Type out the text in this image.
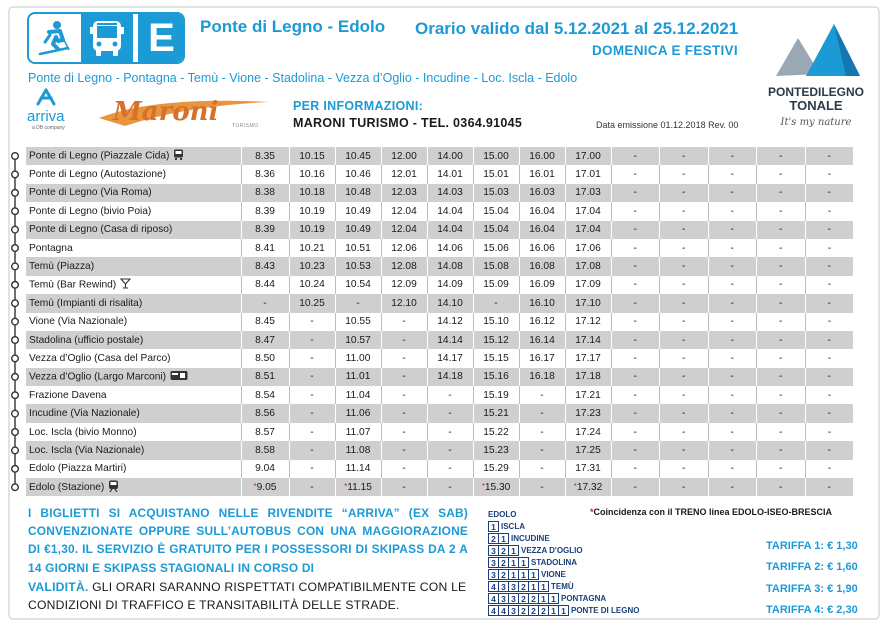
E	Ponte di Legno - Edolo Orario valido dal 5.12.2021 al 25.12.2021
DOMENICA E FESTIVI
Ponte di Legno - Pontagna - Temù - Vione - Stadolina - Vezza d’Oglio - Incudine - Loc. Iscla - Edolo
PONTEDILEGNO
TONALE
It's my nature
arriva
a DB company
Maroni	TURISMO
PER INFORMAZIONI:
MARONI TURISMO - TEL. 0364.91045	Data emissione 01.12.2018 Rev. 00
Ponte di Legno (Piazzale Cida)	8.35	10.15	10.45	12.00	14.00	15.00	16.00	17.00	-	-	-	-	-
Ponte di Legno (Autostazione)	8.36	10.16	10.46	12.01	14.01	15.01	16.01	17.01	-	-	-	-	-
Ponte di Legno (Via Roma)	8.38	10.18	10.48	12.03	14.03	15.03	16.03	17.03	-	-	-	-	-
Ponte di Legno (bivio Poia)	8.39	10.19	10.49	12.04	14.04	15.04	16.04	17.04	-	-	-	-	-
Ponte di Legno (Casa di riposo)	8.39	10.19	10.49	12.04	14.04	15.04	16.04	17.04	-	-	-	-	-
Pontagna	8.41	10.21	10.51	12.06	14.06	15.06	16.06	17.06	-	-	-	-	-
Temù (Piazza)	8.43	10.23	10.53	12.08	14.08	15.08	16.08	17.08	-	-	-	-	-
Temù (Bar Rewind)	8.44	10.24	10.54	12.09	14.09	15.09	16.09	17.09	-	-	-	-	-
Temù (Impianti di risalita)	-	10.25	-	12.10	14.10	-	16.10	17.10	-	-	-	-	-
Vione (Via Nazionale)	8.45	-	10.55	-	14.12	15.10	16.12	17.12	-	-	-	-	-
Stadolina (ufficio postale)	8.47	-	10.57	-	14.14	15.12	16.14	17.14	-	-	-	-	-
Vezza d’Oglio (Casa del Parco)	8.50	-	11.00	-	14.17	15.15	16.17	17.17	-	-	-	-	-
Vezza d’Oglio (Largo Marconi)	8.51	-	11.01	-	14.18	15.16	16.18	17.18	-	-	-	-	-
Frazione Davena	8.54	-	11.04	-	-	15.19	-	17.21	-	-	-	-	-
Incudine (Via Nazionale)	8.56	-	11.06	-	-	15.21	-	17.23	-	-	-	-	-
Loc. Iscla (bivio Monno)	8.57	-	11.07	-	-	15.22	-	17.24	-	-	-	-	-
Loc. Iscla (Via Nazionale)	8.58	-	11.08	-	-	15.23	-	17.25	-	-	-	-	-
Edolo (Piazza Martiri)	9.04	-	11.14	-	-	15.29	-	17.31	-	-	-	-	-
Edolo (Stazione)	*9.05	-	*11.15	-	-	*15.30	-	*17.32	-	-	-	-	-
I BIGLIETTI SI ACQUISTANO NELLE RIVENDITE “ARRIVA” (EX SAB) CONVENZIONATE OPPURE SULL’AUTOBUS CON UNA MAGGIORAZIONE DI €1,30. IL SERVIZIO È GRATUITO PER I POSSESSORI DI SKIPASS DA 2 A 14 GIORNI E SKIPASS STAGIONALI IN CORSO DI
VALIDITÀ. GLI ORARI SARANNO RISPETTATI COMPATIBILMENTE CON LE CONDIZIONI DI TRAFFICO E TRANSITABILITÀ DELLE STRADE.
EDOLO
1 ISCLA
2 1 INCUDINE
3 2 1 VEZZA D'OGLIO
3 2 1 1 STADOLINA
3 2 1 1 1 VIONE
4 3 3 2 1 1 TEMÙ
4 3 3 2 2 1 1 PONTAGNA
4 4 3 2 2 2 1 1 PONTE DI LEGNO
*Coincidenza con il TRENO linea EDOLO-ISEO-BRESCIA
TARIFFA 1: € 1,30
TARIFFA 2: € 1,60
TARIFFA 3: € 1,90
TARIFFA 4: € 2,30
